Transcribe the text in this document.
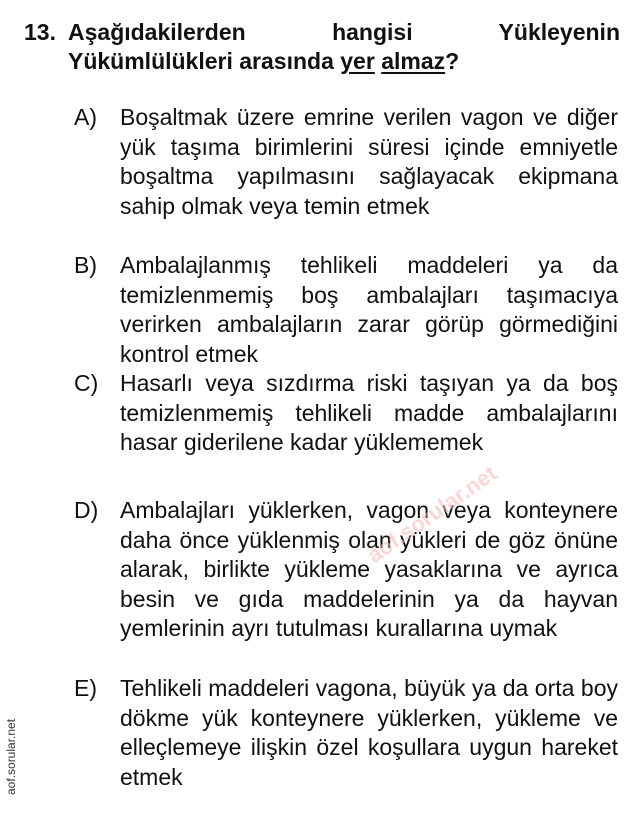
13. Aşağıdakilerden hangisi Yükleyenin
Yükümlülükleri arasında yer almaz?
A) Boşaltmak üzere emrine verilen vagon ve diğer yük taşıma birimlerini süresi içinde emniyetle boşaltma yapılmasını sağlayacak ekipmana sahip olmak veya temin etmek
B) Ambalajlanmış tehlikeli maddeleri ya da temizlenmemiş boş ambalajları taşımacıya verirken ambalajların zarar görüp görmediğini kontrol etmek
C) Hasarlı veya sızdırma riski taşıyan ya da boş temizlenmemiş tehlikeli madde ambalajlarını hasar giderilene kadar yüklememek
D) Ambalajları yüklerken, vagon veya konteynere daha önce yüklenmiş olan yükleri de göz önüne alarak, birlikte yükleme yasaklarına ve ayrıca besin ve gıda maddelerinin ya da hayvan yemlerinin ayrı tutulması kurallarına uymak
E) Tehlikeli maddeleri vagona, büyük ya da orta boy dökme yük konteynere yüklerken, yükleme ve elleçlemeye ilişkin özel koşullara uygun hareket etmek
aof.sorular.net
aof.sorular.net
